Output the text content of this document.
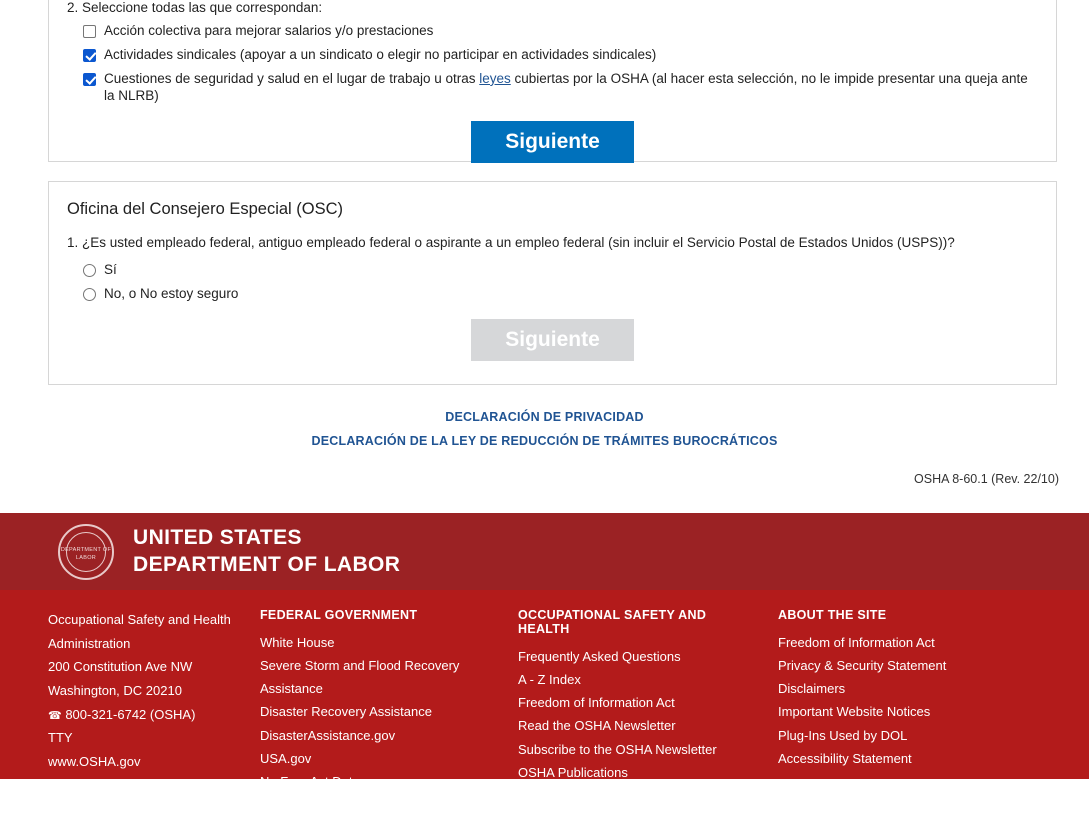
2. Seleccione todas las que correspondan:
Acción colectiva para mejorar salarios y/o prestaciones
Actividades sindicales (apoyar a un sindicato o elegir no participar en actividades sindicales)
Cuestiones de seguridad y salud en el lugar de trabajo u otras leyes cubiertas por la OSHA (al hacer esta selección, no le impide presentar una queja ante la NLRB)
Siguiente
Oficina del Consejero Especial (OSC)
1. ¿Es usted empleado federal, antiguo empleado federal o aspirante a un empleo federal (sin incluir el Servicio Postal de Estados Unidos (USPS))?
Sí
No, o No estoy seguro
Siguiente
DECLARACIÓN DE PRIVACIDAD
DECLARACIÓN DE LA LEY DE REDUCCIÓN DE TRÁMITES BUROCRÁTICOS
OSHA 8-60.1 (Rev. 22/10)
DEPARTMENT OF LABOR
UNITED STATES
DEPARTMENT OF LABOR
Occupational Safety and Health
Administration
200 Constitution Ave NW
Washington, DC 20210
☎ 800-321-6742 (OSHA)
TTY
www.OSHA.gov
FEDERAL GOVERNMENT
White House
Severe Storm and Flood Recovery Assistance
Disaster Recovery Assistance
DisasterAssistance.gov
USA.gov
No Fear Act Data
U.S. Office of Special Counsel
OCCUPATIONAL SAFETY AND HEALTH
Frequently Asked Questions
A - Z Index
Freedom of Information Act
Read the OSHA Newsletter
Subscribe to the OSHA Newsletter
OSHA Publications
Office of Inspector General
ABOUT THE SITE
Freedom of Information Act
Privacy & Security Statement
Disclaimers
Important Website Notices
Plug-Ins Used by DOL
Accessibility Statement
